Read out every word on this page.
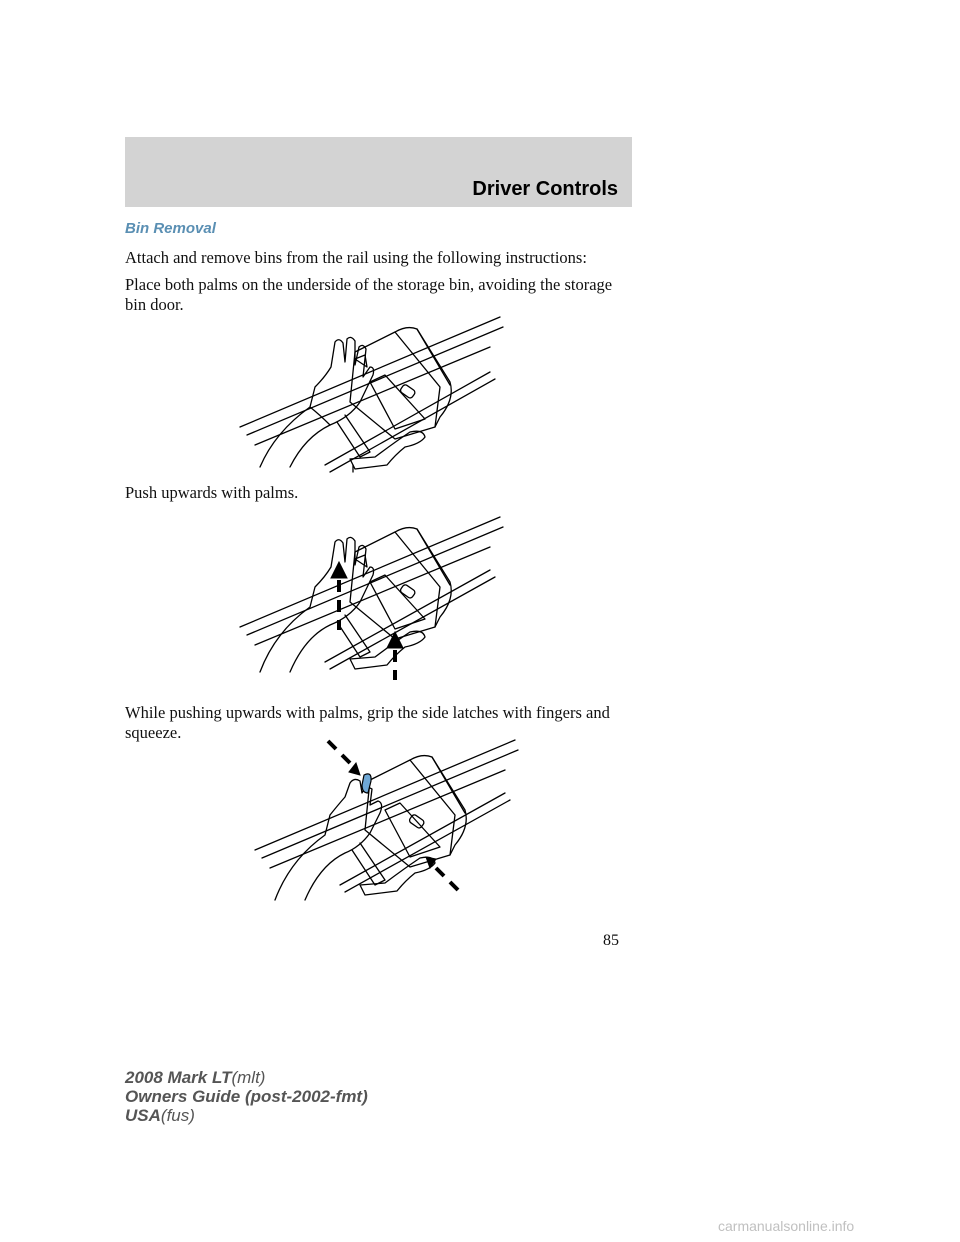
Driver Controls
Bin Removal
Attach and remove bins from the rail using the following instructions:
Place both palms on the underside of the storage bin, avoiding the storage bin door.
Push upwards with palms.
While pushing upwards with palms, grip the side latches with fingers and squeeze.
85
2008 Mark LT(mlt)
Owners Guide (post-2002-fmt)
USA(fus)
carmanualsonline.info
